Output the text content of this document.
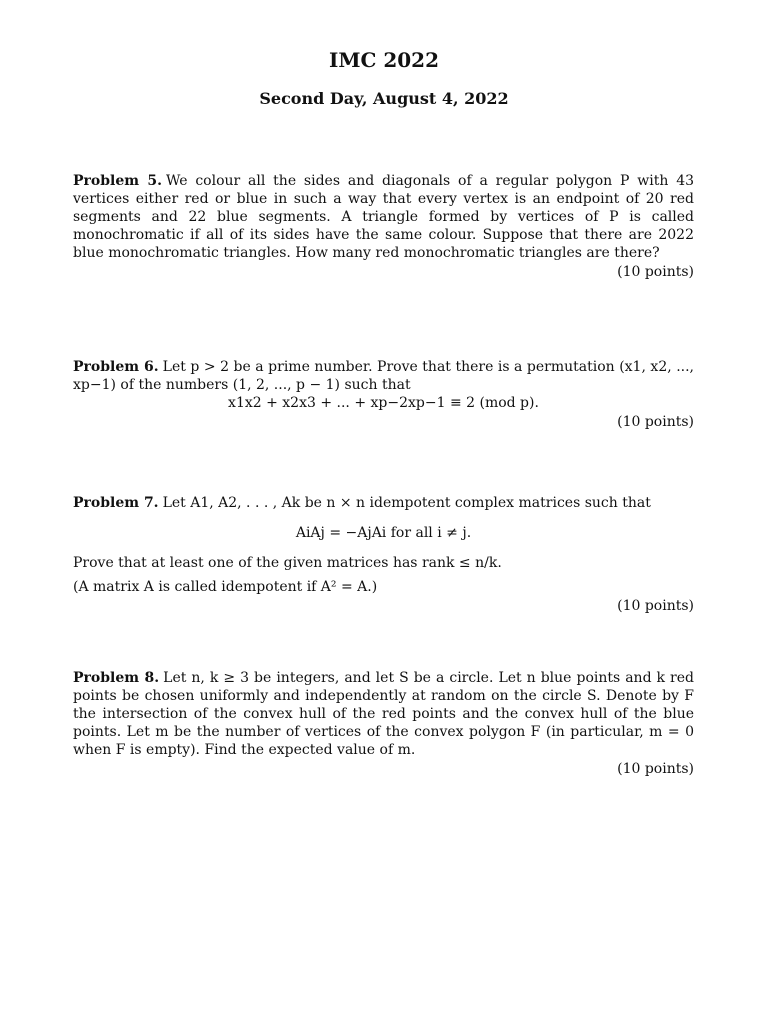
IMC 2022
Second Day, August 4, 2022
Problem 5. We colour all the sides and diagonals of a regular polygon P with 43 vertices either red or blue in such a way that every vertex is an endpoint of 20 red segments and 22 blue segments. A triangle formed by vertices of P is called monochromatic if all of its sides have the same colour. Suppose that there are 2022 blue monochromatic triangles. How many red monochromatic triangles are there?
(10 points)
Problem 6. Let p > 2 be a prime number. Prove that there is a permutation (x1, x2, ..., xp−1) of the numbers (1, 2, ..., p − 1) such that
x1x2 + x2x3 + ... + xp−2xp−1 ≡ 2 (mod p).
(10 points)
Problem 7. Let A1, A2, . . . , Ak be n × n idempotent complex matrices such that
AiAj = −AjAi for all i ≠ j.
Prove that at least one of the given matrices has rank ≤ n/k.
(A matrix A is called idempotent if A² = A.)
(10 points)
Problem 8. Let n, k ≥ 3 be integers, and let S be a circle. Let n blue points and k red points be chosen uniformly and independently at random on the circle S. Denote by F the intersection of the convex hull of the red points and the convex hull of the blue points. Let m be the number of vertices of the convex polygon F (in particular, m = 0 when F is empty). Find the expected value of m.
(10 points)
